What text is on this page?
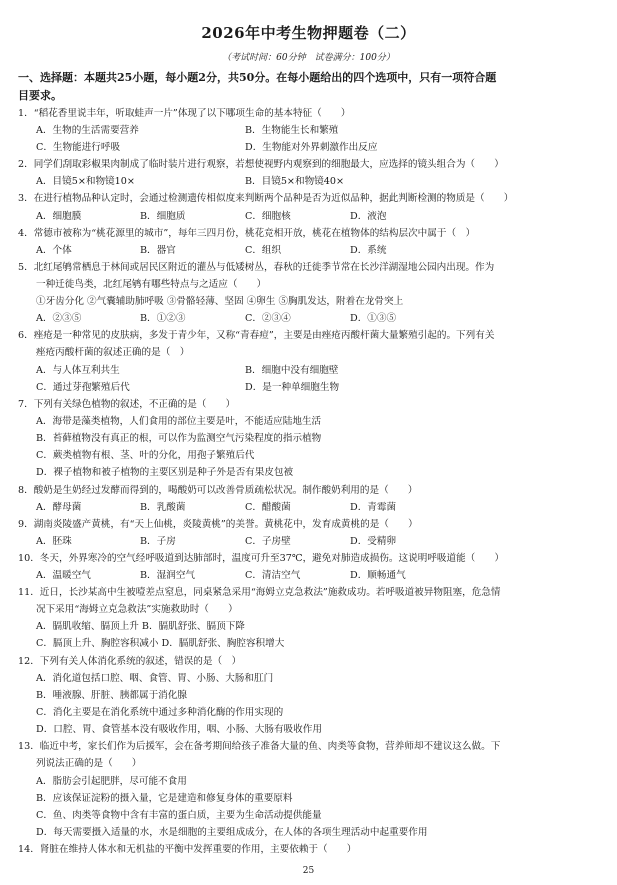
2026年中考生物押题卷（二）
（考试时间：60分钟　试卷满分：100分）
一、选择题：本题共25小题，每小题2分，共50分。在每小题给出的四个选项中，只有一项符合题
目要求。
1．“稻花香里说丰年，听取蛙声一片”体现了以下哪项生命的基本特征（　　）
A．生物的生活需要营养	B．生物能生长和繁殖
C．生物能进行呼吸	D．生物能对外界刺激作出反应
2．同学们刮取彩椒果肉制成了临时装片进行观察，若想使视野内观察到的细胞最大，应选择的镜头组合为（　　）
A．目镜5×和物镜10×	B．目镜5×和物镜40×
3．在进行植物品种认定时，会通过检测遗传相似度来判断两个品种是否为近似品种，据此判断检测的物质是（　　）
A．细胞膜	B．细胞质	C．细胞核	D．液泡
4．常德市被称为“桃花源里的城市”，每年三四月份，桃花竞相开放，桃花在植物体的结构层次中属于（　）
A．个体	B．器官	C．组织	D．系统
5．北红尾鸲常栖息于林间或居民区附近的灌丛与低矮树丛，春秋的迁徙季节常在长沙洋湖湿地公园内出现。作为
一种迁徙鸟类，北红尾鸲有哪些特点与之适应（　　）
①牙齿分化 ②气囊辅助肺呼吸 ③骨骼轻薄、坚固 ④卵生 ⑤胸肌发达，附着在龙骨突上
A．②③⑤	B．①②③	C．②③④	D．①③⑤
6．痤疮是一种常见的皮肤病，多发于青少年，又称“青春痘”，主要是由痤疮丙酸杆菌大量繁殖引起的。下列有关
痤疮丙酸杆菌的叙述正确的是（　）
A．与人体互利共生	B．细胞中没有细胞壁
C．通过芽孢繁殖后代	D．是一种单细胞生物
7．下列有关绿色植物的叙述，不正确的是（　　）
A．海带是藻类植物，人们食用的部位主要是叶，不能适应陆地生活
B．苔藓植物没有真正的根，可以作为监测空气污染程度的指示植物
C．蕨类植物有根、茎、叶的分化，用孢子繁殖后代
D．裸子植物和被子植物的主要区别是种子外是否有果皮包被
8．酸奶是生奶经过发酵而得到的，喝酸奶可以改善骨质疏松状况。制作酸奶利用的是（　　）
A．酵母菌	B．乳酸菌	C．醋酸菌	D．青霉菌
9．湖南炎陵盛产黄桃，有“天上仙桃，炎陵黄桃”的美誉。黄桃花中，发育成黄桃的是（　　）
A．胚珠	B．子房	C．子房壁	D．受精卵
10．冬天，外界寒冷的空气经呼吸道到达肺部时，温度可升至37℃，避免对肺造成损伤。这说明呼吸道能（　　）
A．温暖空气	B．湿润空气	C．清洁空气	D．顺畅通气
11．近日，长沙某高中生被噎差点窒息，同桌紧急采用“海姆立克急救法”施救成功。若呼吸道被异物阻塞，危急情
况下采用“海姆立克急救法”实施救助时（　　）
A．膈肌收缩、膈顶上升 B．膈肌舒张、膈顶下降
C．膈顶上升、胸腔容积减小 D．膈肌舒张、胸腔容积增大
12．下列有关人体消化系统的叙述，错误的是（　）
A．消化道包括口腔、咽、食管、胃、小肠、大肠和肛门
B．唾液腺、肝脏、胰都属于消化腺
C．消化主要是在消化系统中通过多种消化酶的作用实现的
D．口腔、胃、食管基本没有吸收作用，咽、小肠、大肠有吸收作用
13．临近中考，家长们作为后援军，会在备考期间给孩子准备大量的鱼、肉类等食物，营养师却不建议这么做。下
列说法正确的是（　　）
A．脂肪会引起肥胖，尽可能不食用
B．应该保证淀粉的摄入量，它是建造和修复身体的重要原料
C．鱼、肉类等食物中含有丰富的蛋白质，主要为生命活动提供能量
D．每天需要摄入适量的水，水是细胞的主要组成成分，在人体的各项生理活动中起重要作用
14．肾脏在维持人体水和无机盐的平衡中发挥重要的作用，主要依赖于（　　）
25
